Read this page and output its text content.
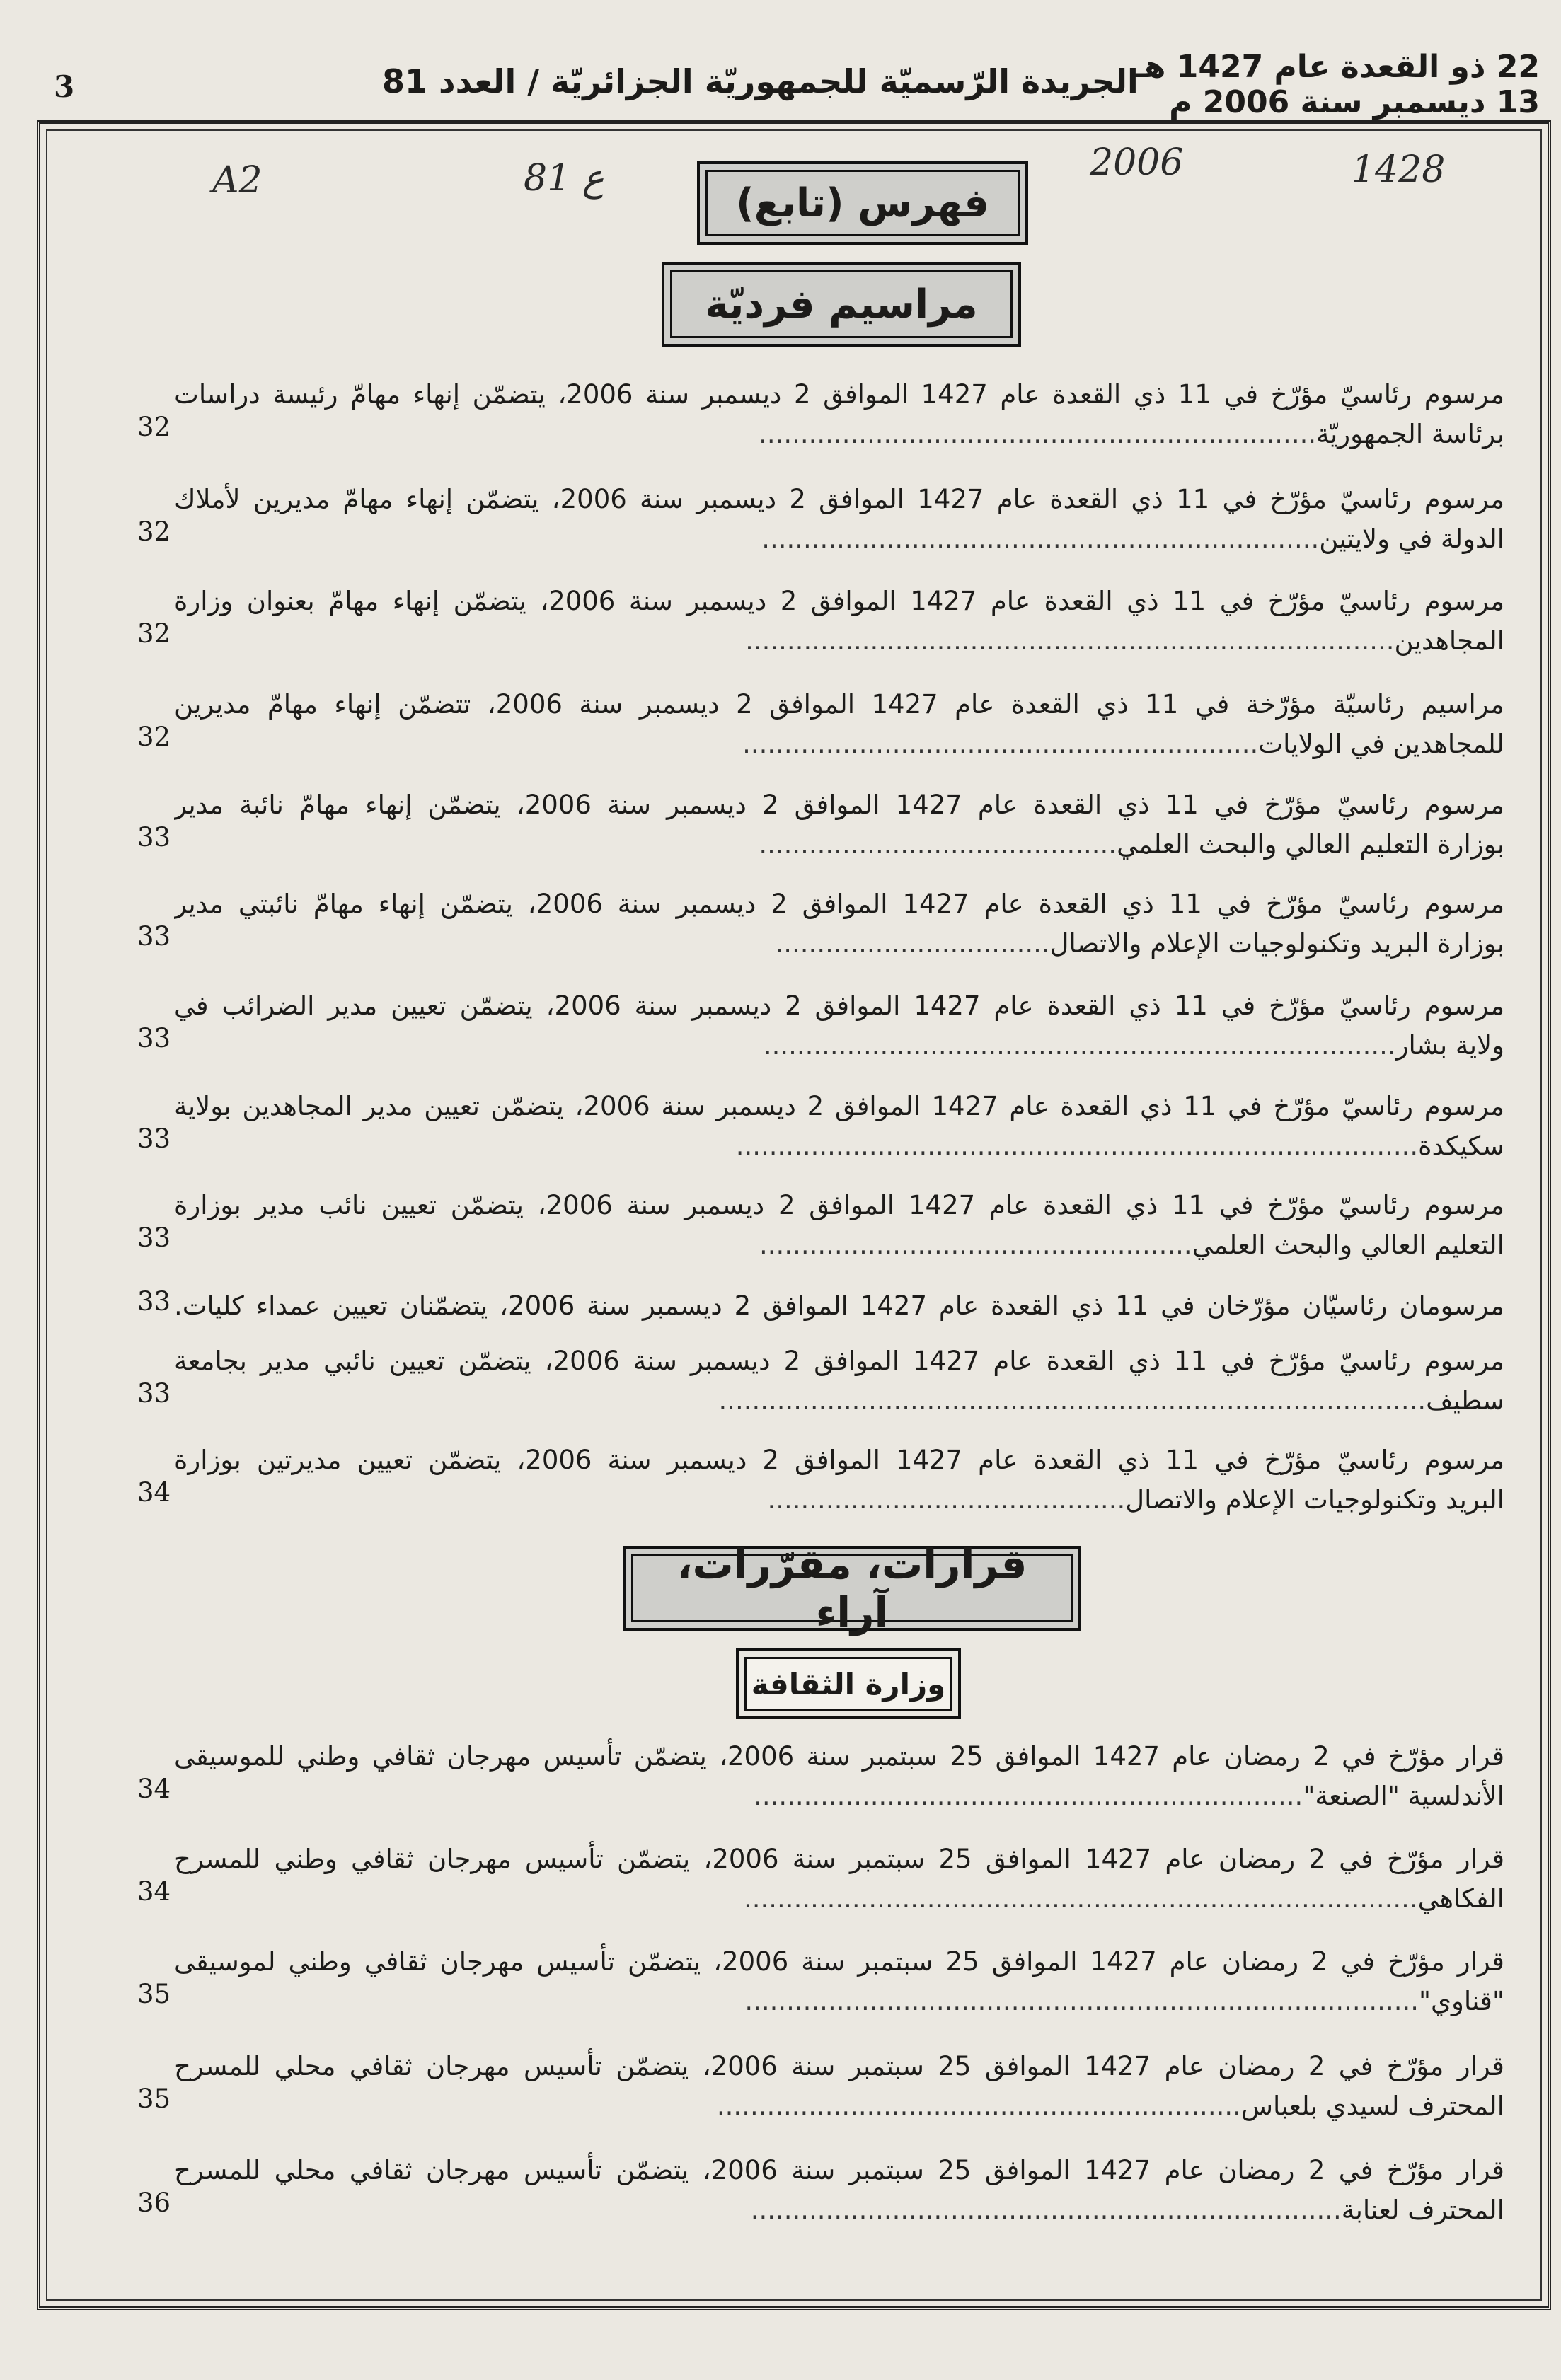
3	الجريدة الرّسميّة للجمهوريّة الجزائريّة / العدد 81
22 ذو القعدة عام 1427 هـ
13 ديسمبر سنة 2006 م
A2	ع 81	2006	1428
فهرس (تابع)
مراسيم فرديّة
قرارات، مقرّرات، آراء
وزارة الثقافة
مرسوم رئاسيّ مؤرّخ في 11 ذي القعدة عام 1427 الموافق 2 ديسمبر سنة 2006، يتضمّن إنهاء مهامّ رئيسة دراسات
برئاسة الجمهوريّة...................................................................
32
مرسوم رئاسيّ مؤرّخ في 11 ذي القعدة عام 1427 الموافق 2 ديسمبر سنة 2006، يتضمّن إنهاء مهامّ مديرين لأملاك
الدولة في ولايتين...................................................................
32
مرسوم رئاسيّ مؤرّخ في 11 ذي القعدة عام 1427 الموافق 2 ديسمبر سنة 2006، يتضمّن إنهاء مهامّ بعنوان وزارة
المجاهدين..............................................................................
32
مراسيم رئاسيّة مؤرّخة في 11 ذي القعدة عام 1427 الموافق 2 ديسمبر سنة 2006، تتضمّن إنهاء مهامّ مديرين
للمجاهدين في الولايات..............................................................
32
مرسوم رئاسيّ مؤرّخ في 11 ذي القعدة عام 1427 الموافق 2 ديسمبر سنة 2006، يتضمّن إنهاء مهامّ نائبة مدير
بوزارة التعليم العالي والبحث العلمي...........................................
33
مرسوم رئاسيّ مؤرّخ في 11 ذي القعدة عام 1427 الموافق 2 ديسمبر سنة 2006، يتضمّن إنهاء مهامّ نائبتي مدير
بوزارة البريد وتكنولوجيات الإعلام والاتصال.................................
33
مرسوم رئاسيّ مؤرّخ في 11 ذي القعدة عام 1427 الموافق 2 ديسمبر سنة 2006، يتضمّن تعيين مدير الضرائب في
ولاية بشار............................................................................
33
مرسوم رئاسيّ مؤرّخ في 11 ذي القعدة عام 1427 الموافق 2 ديسمبر سنة 2006، يتضمّن تعيين مدير المجاهدين بولاية
سكيكدة..................................................................................
33
مرسوم رئاسيّ مؤرّخ في 11 ذي القعدة عام 1427 الموافق 2 ديسمبر سنة 2006، يتضمّن تعيين نائب مدير بوزارة
التعليم العالي والبحث العلمي....................................................
33
مرسومان رئاسيّان مؤرّخان في 11 ذي القعدة عام 1427 الموافق 2 ديسمبر سنة 2006، يتضمّنان تعيين عمداء كليات.
33
مرسوم رئاسيّ مؤرّخ في 11 ذي القعدة عام 1427 الموافق 2 ديسمبر سنة 2006، يتضمّن تعيين نائبي مدير بجامعة
سطيف.....................................................................................
33
مرسوم رئاسيّ مؤرّخ في 11 ذي القعدة عام 1427 الموافق 2 ديسمبر سنة 2006، يتضمّن تعيين مديرتين بوزارة
البريد وتكنولوجيات الإعلام والاتصال...........................................
34
قرار مؤرّخ في 2 رمضان عام 1427 الموافق 25 سبتمبر سنة 2006، يتضمّن تأسيس مهرجان ثقافي وطني للموسيقى
الأندلسية "الصنعة"..................................................................
34
قرار مؤرّخ في 2 رمضان عام 1427 الموافق 25 سبتمبر سنة 2006، يتضمّن تأسيس مهرجان ثقافي وطني للمسرح
الفكاهي.................................................................................
34
قرار مؤرّخ في 2 رمضان عام 1427 الموافق 25 سبتمبر سنة 2006، يتضمّن تأسيس مهرجان ثقافي وطني لموسيقى
"قناوي".................................................................................
35
قرار مؤرّخ في 2 رمضان عام 1427 الموافق 25 سبتمبر سنة 2006، يتضمّن تأسيس مهرجان ثقافي محلي للمسرح
المحترف لسيدي بلعباس...............................................................
35
قرار مؤرّخ في 2 رمضان عام 1427 الموافق 25 سبتمبر سنة 2006، يتضمّن تأسيس مهرجان ثقافي محلي للمسرح
المحترف لعنابة.......................................................................
36
